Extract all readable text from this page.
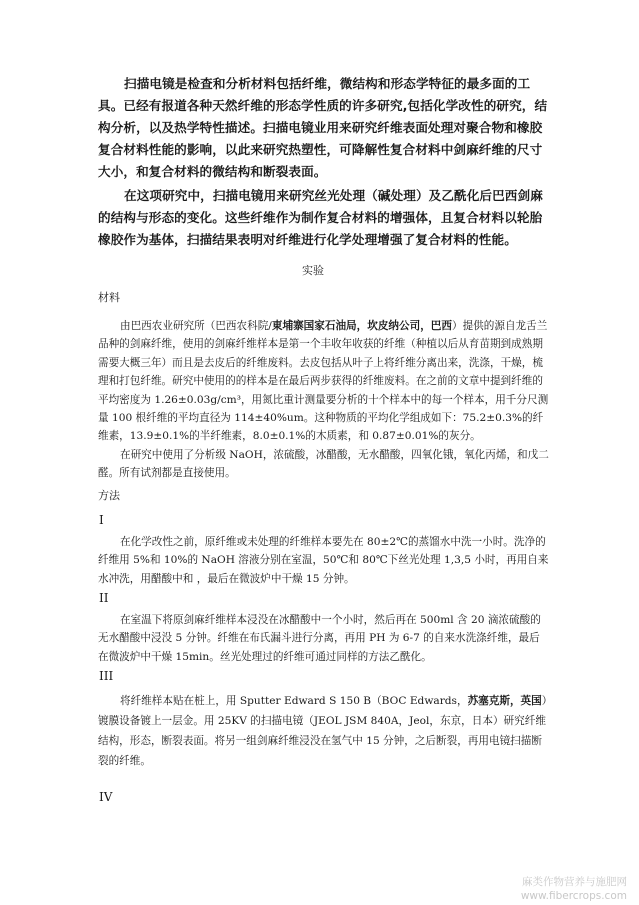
扫描电镜是检查和分析材料包括纤维，微结构和形态学特征的最多面的工具。已经有报道各种天然纤维的形态学性质的许多研究,包括化学改性的研究，结构分析，以及热学特性描述。扫描电镜业用来研究纤维表面处理对聚合物和橡胶复合材料性能的影响，以此来研究热塑性，可降解性复合材料中剑麻纤维的尺寸大小，和复合材料的微结构和断裂表面。

在这项研究中，扫描电镜用来研究丝光处理（碱处理）及乙酰化后巴西剑麻的结构与形态的变化。这些纤维作为制作复合材料的增强体，且复合材料以轮胎橡胶作为基体，扫描结果表明对纤维进行化学处理增强了复合材料的性能。

实验
材料

由巴西农业研究所（巴西农科院/東埔寨国家石油局，坎皮纳公司，巴西）提供的源自龙舌兰品种的剑麻纤维，使用的剑麻纤维样本是第一个丰收年收获的纤维（种植以后从育苗期到成熟期需要大概三年）而且是去皮后的纤维废料。去皮包括从叶子上将纤维分离出来，洗涤，干燥，梳理和打包纤维。研究中使用的的样本是在最后两步获得的纤维废料。在之前的文章中提到纤维的平均密度为 1.26±0.03g/cm³，用氮比重计测量要分析的十个样本中的每一个样本，用千分尺测量 100 根纤维的平均直径为 114±40%um。这种物质的平均化学组成如下：75.2±0.3%的纤维素，13.9±0.1%的半纤维素，8.0±0.1%的木质素，和 0.87±0.01%的灰分。

在研究中使用了分析级 NaOH，浓硫酸，冰醋酸，无水醋酸，四氧化锇，氧化丙烯，和戊二醛。所有试剂都是直接使用。

方法
I

在化学改性之前，原纤维或未处理的纤维样本要先在 80±2℃的蒸馏水中洗一小时。洗净的纤维用 5%和 10%的 NaOH 溶液分别在室温，50℃和 80℃下丝光处理 1,3,5 小时，再用自来水冲洗，用醋酸中和 ，最后在微波炉中干燥 15 分钟。

II

在室温下将原剑麻纤维样本浸没在冰醋酸中一个小时，然后再在 500ml 含 20 滴浓硫酸的无水醋酸中浸没 5 分钟。纤维在布氏漏斗进行分离，再用 PH 为 6-7 的自来水洗涤纤维，最后在微波炉中干燥 15min。丝光处理过的纤维可通过同样的方法乙酰化。

III

将纤维样本贴在桩上，用 Sputter Edward S 150 B（BOC Edwards，苏塞克斯，英国）镀膜设备镀上一层金。用 25KV 的扫描电镜（JEOL JSM 840A，Jeol，东京，日本）研究纤维结构，形态，断裂表面。将另一组剑麻纤维浸没在氢气中 15 分钟，之后断裂，再用电镜扫描断裂的纤维。

IV
麻类作物营养与施肥网
www.fibercrops.com
